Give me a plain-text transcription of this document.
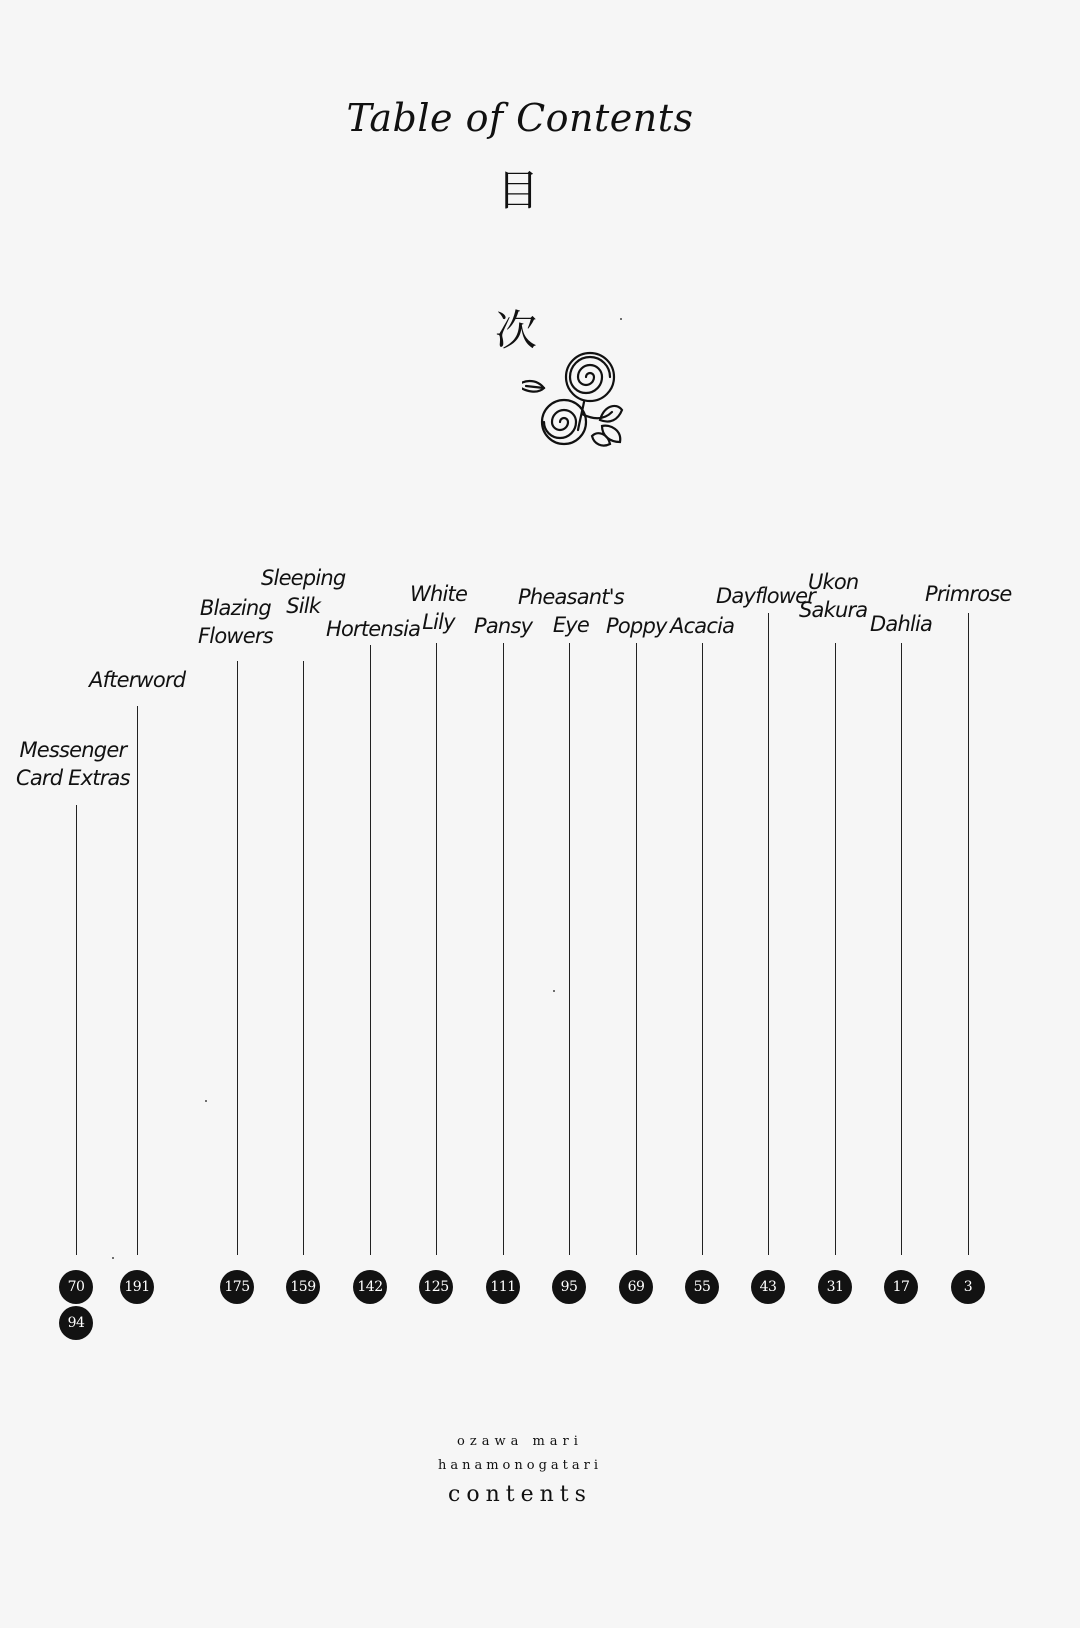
Table of Contents
目
次
Primrose
3
Dahlia
17
Ukon
Sakura
31
Dayflower
43
Acacia
55
Poppy
69
Pheasant's
Eye
95
Pansy
111
White
Lily
125
Hortensia
142
Sleeping
Silk
159
Blazing
Flowers
175
Afterword
191
Messenger
Card Extras
70
94
ozawa mari
hanamonogatari
contents
